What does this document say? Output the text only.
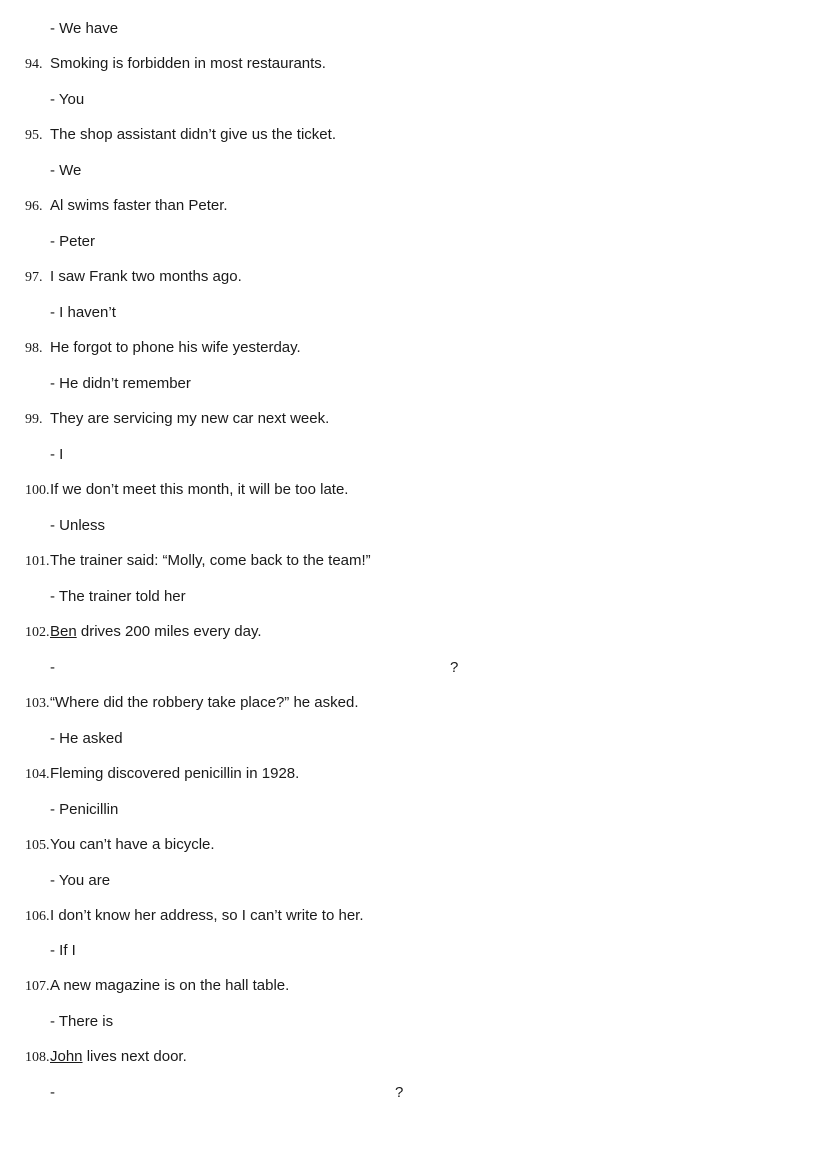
- We have
94. Smoking is forbidden in most restaurants.
- You
95. The shop assistant didn’t give us the ticket.
- We
96. Al swims faster than Peter.
- Peter
97. I saw Frank two months ago.
- I haven’t
98. He forgot to phone his wife yesterday.
- He didn’t remember
99. They are servicing my new car next week.
- I
100. If we don’t meet this month, it will be too late.
- Unless
101. The trainer said: “Molly, come back to the team!”
- The trainer told her
102. Ben drives 200 miles every day.
-	?
103. “Where did the robbery take place?” he asked.
- He asked
104. Fleming discovered penicillin in 1928.
- Penicillin
105. You can’t have a bicycle.
- You are
106. I don’t know her address, so I can’t write to her.
- If I
107. A new magazine is on the hall table.
- There is
108. John lives next door.
-	?
